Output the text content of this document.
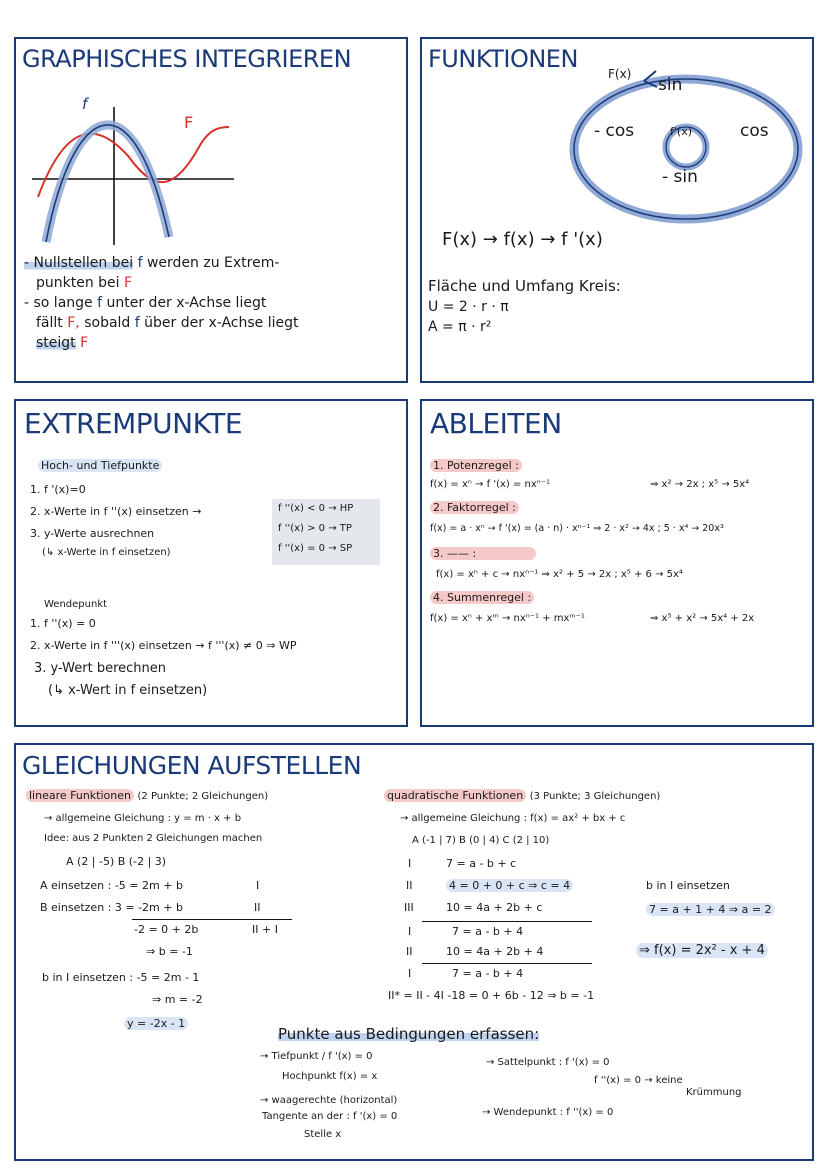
GRAPHISCHES INTEGRIEREN
f
F
- Nullstellen bei f werden zu Extrem-
punkten bei F
- so lange f unter der x-Achse liegt
fällt F, sobald f über der x-Achse liegt
steigt F
FUNKTIONEN
F(x)
sin
- cos	f'(x)	cos
- sin
F(x) → f(x) → f '(x)
Fläche und Umfang Kreis:
U = 2 · r · π
A = π · r²
EXTREMPUNKTE
Hoch- und Tiefpunkte
1. f '(x)=0
2. x-Werte in f ''(x) einsetzen →
3. y-Werte ausrechnen
(↳ x-Werte in f einsetzen)
f ''(x) < 0 → HP
f ''(x) > 0 → TP
f ''(x) = 0 → SP
Wendepunkt
1. f ''(x) = 0
2. x-Werte in f '''(x) einsetzen → f '''(x) ≠ 0 ⇒ WP
3. y-Wert berechnen
(↳ x-Wert in f einsetzen)
ABLEITEN
1. Potenzregel :
f(x) = xⁿ → f '(x) = nxⁿ⁻¹	⇒ x² → 2x ; x⁵ → 5x⁴
2. Faktorregel :
f(x) = a · xⁿ → f '(x) = (a · n) · xⁿ⁻¹ ⇒ 2 · x² → 4x ; 5 · x⁴ → 20x³
3. —— :
f(x) = xⁿ + c → nxⁿ⁻¹ ⇒ x² + 5 → 2x ; x⁵ + 6 → 5x⁴
4. Summenregel :
f(x) = xⁿ + xᵐ → nxⁿ⁻¹ + mxᵐ⁻¹	⇒ x⁵ + x² → 5x⁴ + 2x
GLEICHUNGEN AUFSTELLEN
lineare Funktionen (2 Punkte; 2 Gleichungen)
→ allgemeine Gleichung : y = m · x + b
Idee: aus 2 Punkten 2 Gleichungen machen
A (2 | -5) B (-2 | 3)
A einsetzen : -5 = 2m + b	I
B einsetzen : 3 = -2m + b	II
-2 = 0 + 2b	II + I
⇒ b = -1
b in I einsetzen : -5 = 2m - 1
⇒ m = -2
y = -2x - 1
quadratische Funktionen (3 Punkte; 3 Gleichungen)
→ allgemeine Gleichung : f(x) = ax² + bx + c
A (-1 | 7) B (0 | 4) C (2 | 10)
I	7 = a - b + c
II	4 = 0 + 0 + c ⇒ c = 4
III	10 = 4a + 2b + c
I	7 = a - b + 4
II	10 = 4a + 2b + 4
I	7 = a - b + 4
II* = II - 4I -18 = 0 + 6b - 12 ⇒ b = -1
b in I einsetzen
7 = a + 1 + 4 ⇒ a = 2
⇒ f(x) = 2x² - x + 4
Punkte aus Bedingungen erfassen:
→ Tiefpunkt / f '(x) = 0
Hochpunkt f(x) = x
→ Sattelpunkt : f '(x) = 0
f ''(x) = 0 → keine
Krümmung
→ waagerechte (horizontal)
Tangente an der : f '(x) = 0	→ Wendepunkt : f ''(x) = 0
Stelle x
